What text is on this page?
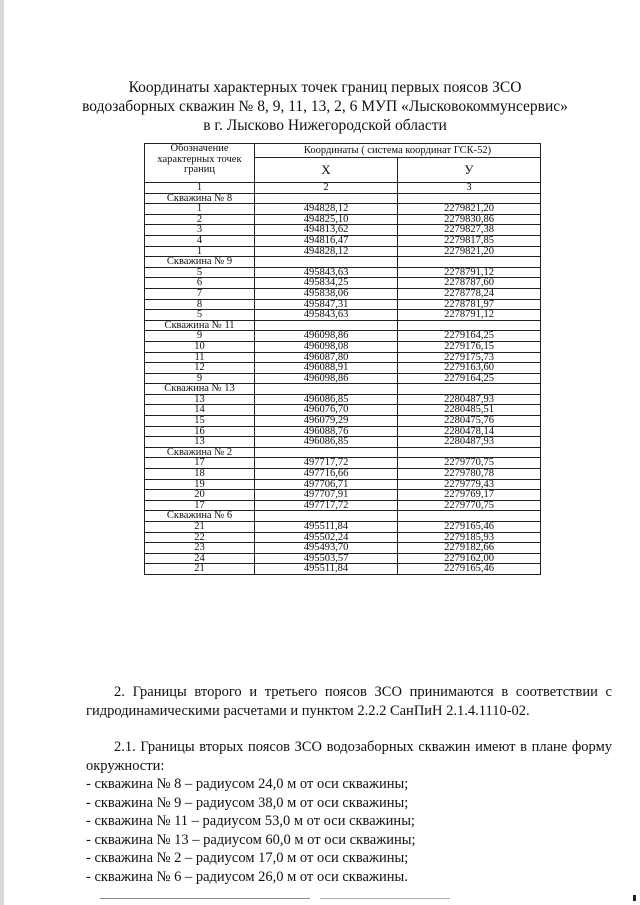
Координаты характерных точек границ первых поясов ЗСО
водозаборных скважин № 8, 9, 11, 13, 2, 6 МУП «Лысковокоммунсервис»
в г. Лысково Нижегородской области
Обозначение характерных точек границ	Координаты ( система координат ГСК-52)	
	Х	У
1	2	3
Скважина № 8		
1	494828,12	2279821,20
2	494825,10	2279830,86
3	494813,62	2279827,38
4	494816,47	2279817,85
1	494828,12	2279821,20
Скважина № 9		
5	495843,63	2278791,12
6	495834,25	2278787,60
7	495838,06	2278778,24
8	495847,31	2278781,97
5	495843,63	2278791,12
Скважина № 11		
9	496098,86	2279164,25
10	496098,08	2279176,15
11	496087,80	2279175,73
12	496088,91	2279163,60
9	496098,86	2279164,25
Скважина № 13		
13	496086,85	2280487,93
14	496076,70	2280485,51
15	496079,29	2280475,76
16	496088,76	2280478,14
13	496086,85	2280487,93
Скважина № 2		
17	497717,72	2279770,75
18	497716,66	2279780,78
19	497706,71	2279779,43
20	497707,91	2279769,17
17	497717,72	2279770,75
Скважина № 6		
21	495511,84	2279165,46
22	495502,24	2279185,93
23	495493,70	2279182,66
24	495503,57	2279162,00
21	495511,84	2279165,46
2. Границы второго и третьего поясов ЗСО принимаются в соответствии с гидродинамическими расчетами и пунктом 2.2.2 СанПиН 2.1.4.1110-02.
2.1. Границы вторых поясов ЗСО водозаборных скважин имеют в плане форму окружности:
- скважина № 8 – радиусом 24,0 м от оси скважины;
- скважина № 9 – радиусом 38,0 м от оси скважины;
- скважина № 11 – радиусом 53,0 м от оси скважины;
- скважина № 13 – радиусом 60,0 м от оси скважины;
- скважина № 2 – радиусом 17,0 м от оси скважины;
- скважина № 6 – радиусом 26,0 м от оси скважины.
